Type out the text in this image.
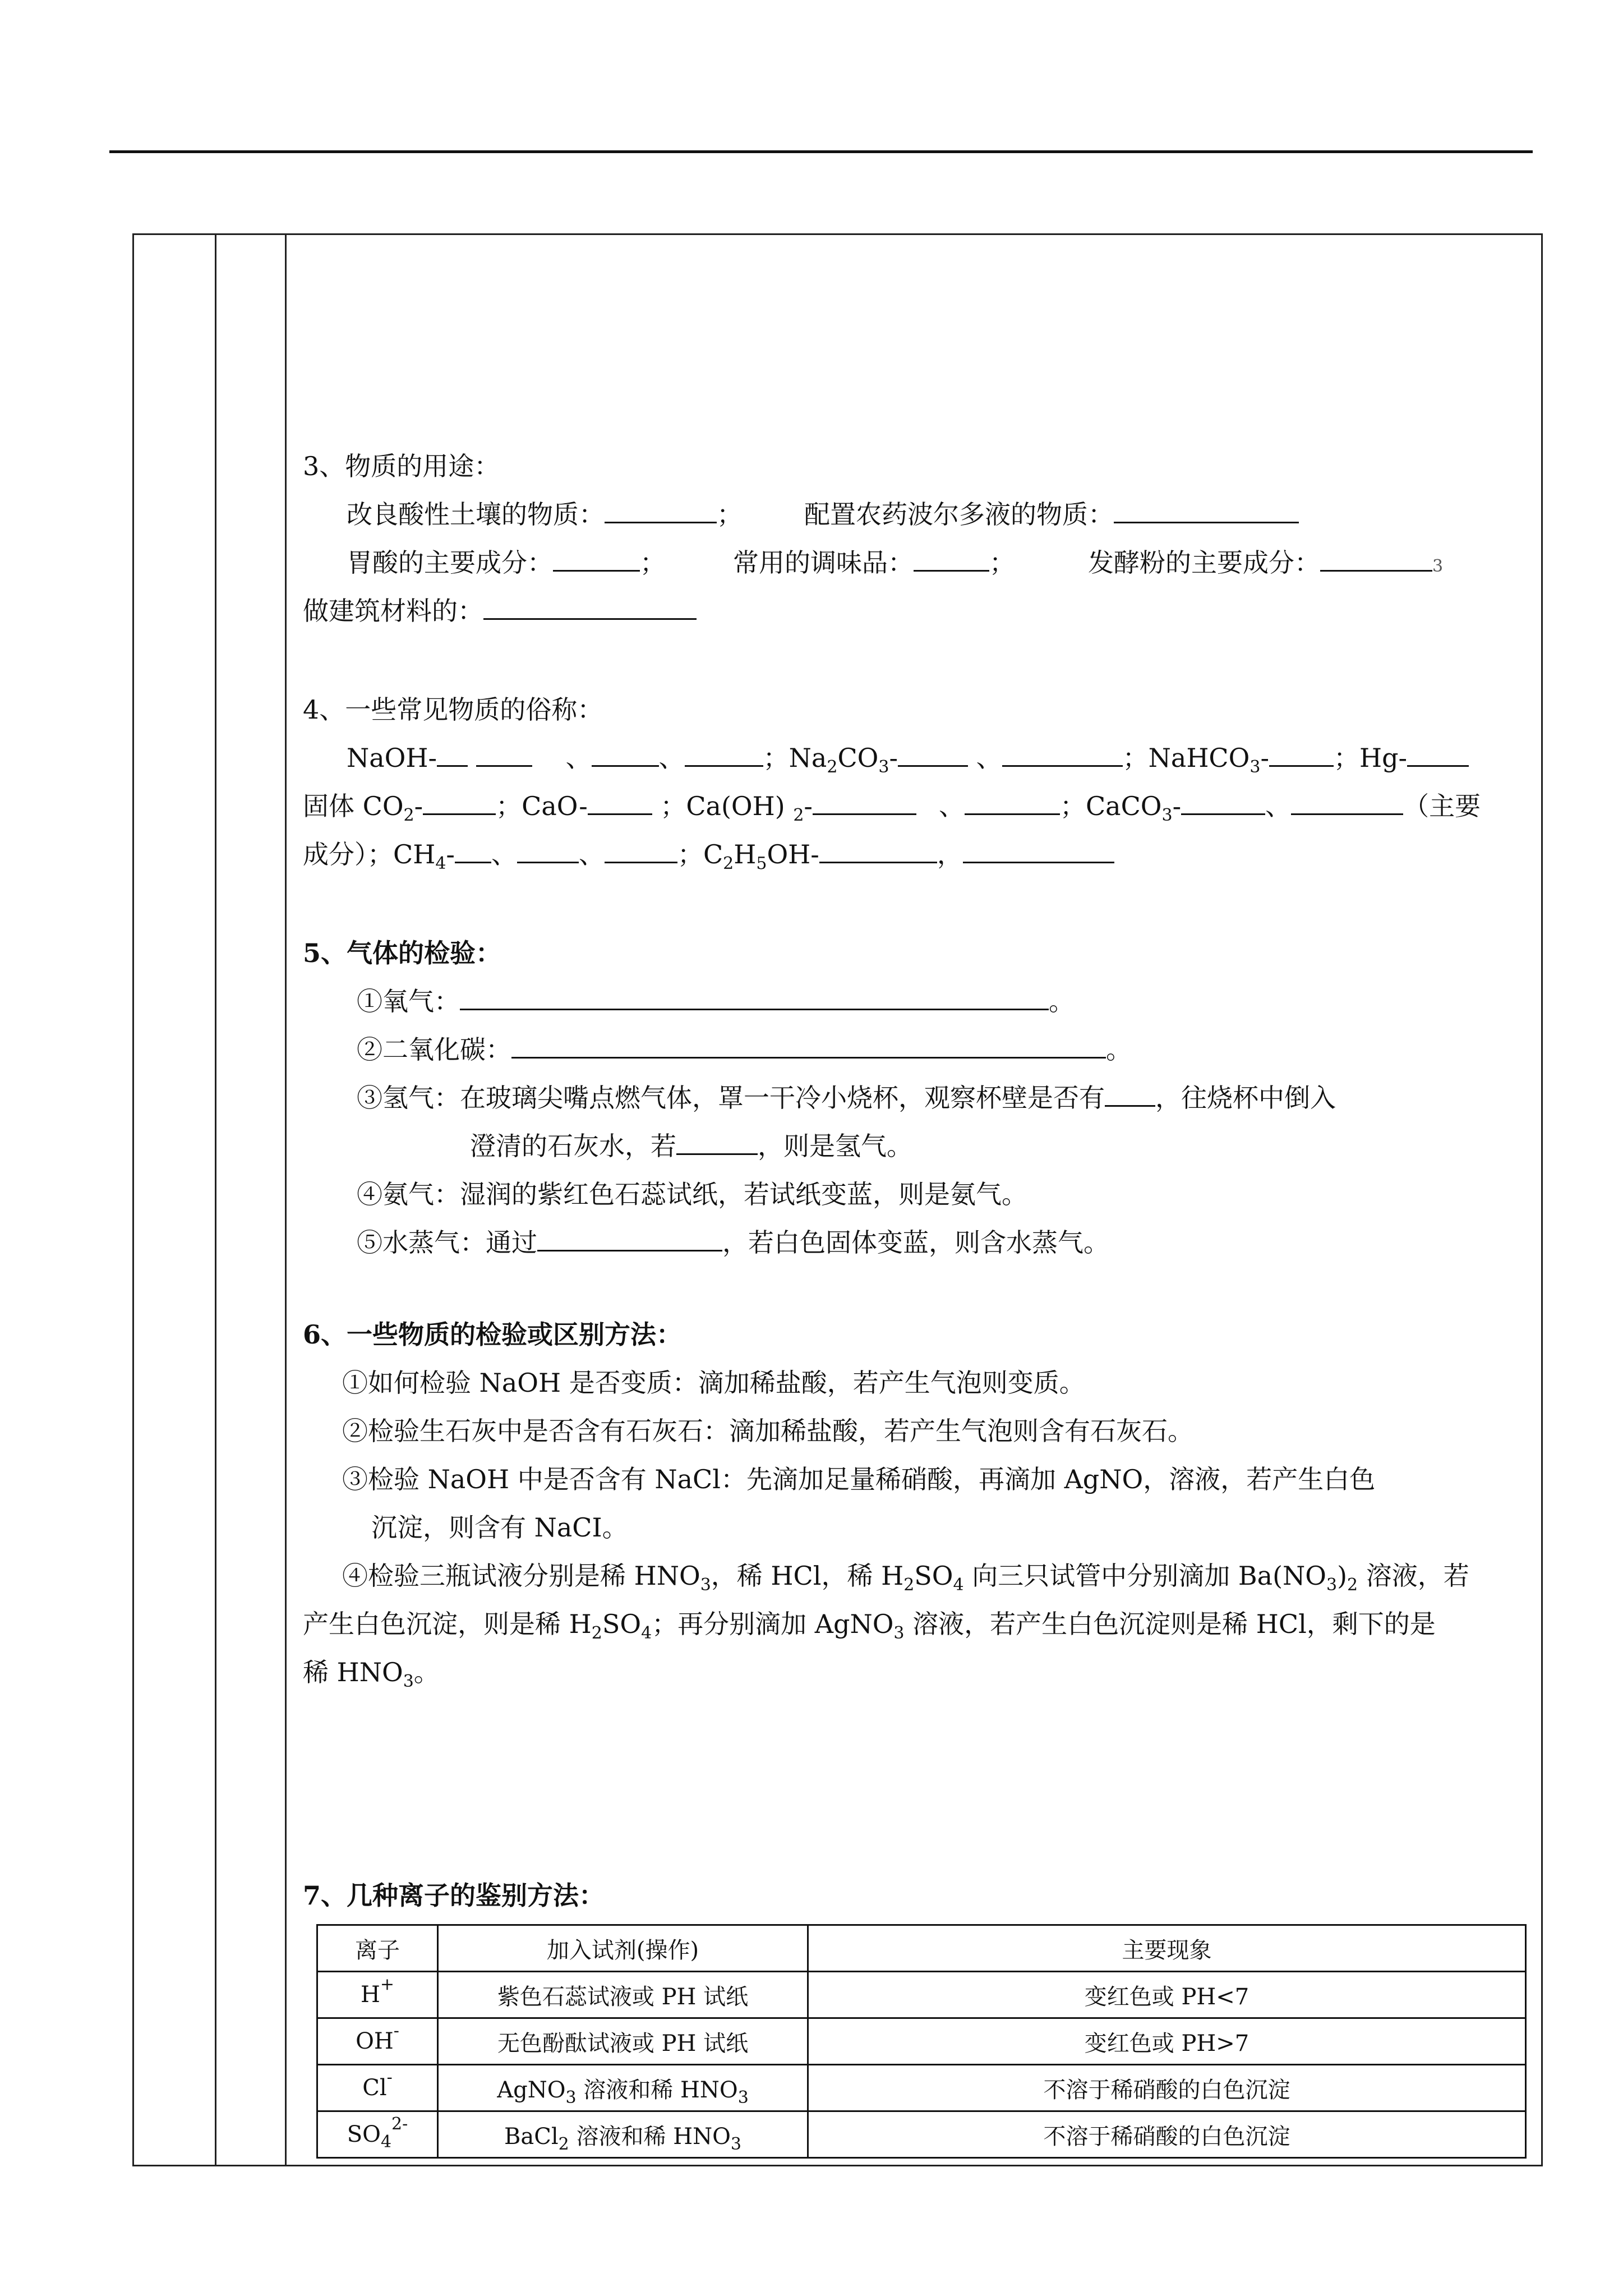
3、物质的用途：
改良酸性土壤的物质：	； 配置农药波尔多液的物质：
胃酸的主要成分：	；	常用的调味品：	；	发酵粉的主要成分：	3
做建筑材料的：
4、一些常见物质的俗称：
NaOH-	、	、	；$Na_2CO_3-$	、	；NaHCO$_3$-	；Hg-
固体 $CO_2-$	；CaO-	；Ca(OH) $_2$-	、	；CaCO$_3$-	、	（主要
成分）；$CH_4-$ 、 、	；$C_2H_5OH-$	，
5、气体的检验：
①氧气：	。
②二氧化碳：	。
③氢气：在玻璃尖嘴点燃气体，罩一干冷小烧杯，观察杯壁是否有 ，往烧杯中倒入
澄清的石灰水，若	，则是氢气。
④氨气：湿润的紫红色石蕊试纸，若试纸变蓝，则是氨气。
⑤水蒸气：通过	，若白色固体变蓝，则含水蒸气。
6、一些物质的检验或区别方法：
①如何检验 NaOH 是否变质：滴加稀盐酸，若产生气泡则变质。
②检验生石灰中是否含有石灰石：滴加稀盐酸，若产生气泡则含有石灰石。
③检验 NaOH 中是否含有 NaCl：先滴加足量稀硝酸，再滴加 AgNO，溶液，若产生白色
沉淀，则含有 NaCI。
④检验三瓶试液分别是稀 $HNO_3$，稀 HCl，稀 $H_2SO_4$ 向三只试管中分别滴加 $Ba(NO_3)_2$ 溶液，若
产生白色沉淀，则是稀 $H_2SO_4$；再分别滴加 AgNO$_3$ 溶液，若产生白色沉淀则是稀 HCl，剩下的是
稀 $HNO_3$。
7、几种离子的鉴别方法：
离子	加入试剂(操作)	主要现象
H+	紫色石蕊试液或 PH 试纸	变红色或 PH<7
OH-	无色酚酞试液或 PH 试纸	变红色或 PH>7
Cl-	AgNO$_3$ 溶液和稀 $HNO_3$	不溶于稀硝酸的白色沉淀
$SO_4^{2-}$	BaCl$_2$ 溶液和稀 $HNO_3$	不溶于稀硝酸的白色沉淀
